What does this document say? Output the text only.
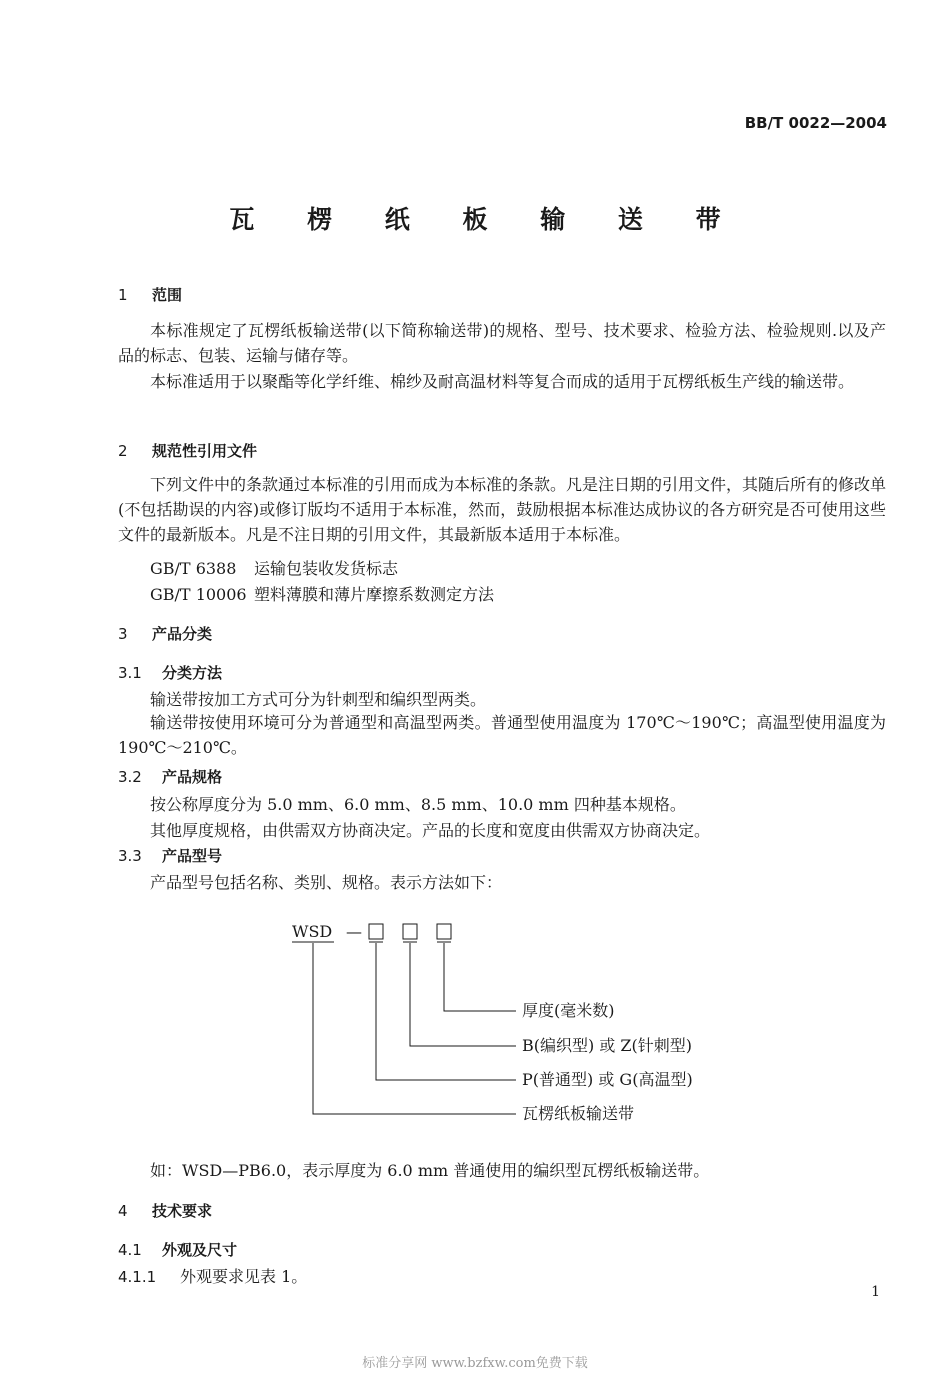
BB/T 0022—2004
瓦 楞 纸 板 输 送 带
1 范围
本标准规定了瓦楞纸板输送带(以下简称输送带)的规格、型号、技术要求、检验方法、检验规则.以及产品的标志、包装、运输与储存等。
本标准适用于以聚酯等化学纤维、棉纱及耐高温材料等复合而成的适用于瓦楞纸板生产线的输送带。
2 规范性引用文件
下列文件中的条款通过本标准的引用而成为本标准的条款。凡是注日期的引用文件，其随后所有的修改单(不包括勘误的内容)或修订版均不适用于本标准，然而，鼓励根据本标准达成协议的各方研究是否可使用这些文件的最新版本。凡是不注日期的引用文件，其最新版本适用于本标准。
GB/T 6388 运输包装收发货标志
GB/T 10006 塑料薄膜和薄片摩擦系数测定方法
3 产品分类
3.1 分类方法
输送带按加工方式可分为针刺型和编织型两类。
输送带按使用环境可分为普通型和高温型两类。普通型使用温度为 170℃～190℃；高温型使用温度为 190℃～210℃。
3.2 产品规格
按公称厚度分为 5.0 mm、6.0 mm、8.5 mm、10.0 mm 四种基本规格。
其他厚度规格，由供需双方协商决定。产品的长度和宽度由供需双方协商决定。
3.3 产品型号
产品型号包括名称、类别、规格。表示方法如下：
WSD —
厚度(毫米数)
B(编织型) 或 Z(针刺型)
P(普通型) 或 G(高温型)
瓦楞纸板输送带
如：WSD—PB6.0，表示厚度为 6.0 mm 普通使用的编织型瓦楞纸板输送带。
4 技术要求
4.1 外观及尺寸
4.1.1 外观要求见表 1。
1
标准分享网 www.bzfxw.com免费下载
